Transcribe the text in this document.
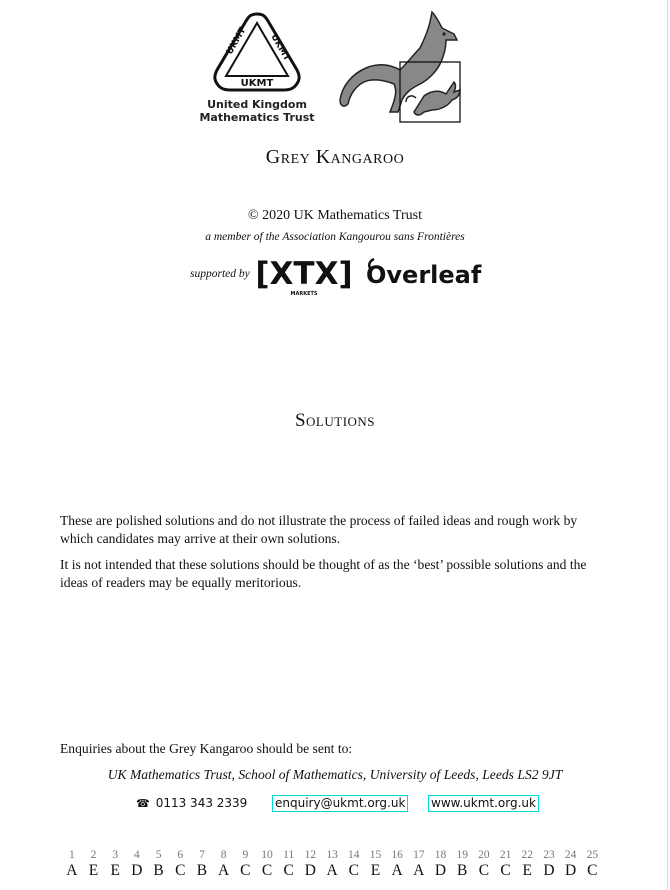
UKMT UKMT
UKMT
United Kingdom
Mathematics Trust
Grey Kangaroo
© 2020 UK Mathematics Trust
a member of the Association Kangourou sans Frontières
supported by [XTX]
MARKETS
Overleaf
Solutions
These are polished solutions and do not illustrate the process of failed ideas and rough work by which candidates may arrive at their own solutions.
It is not intended that these solutions should be thought of as the ‘best’ possible solutions and the ideas of readers may be equally meritorious.
Enquiries about the Grey Kangaroo should be sent to:
UK Mathematics Trust, School of Mathematics, University of Leeds, Leeds LS2 9JT
☎ 0113 343 2339 enquiry@ukmt.org.uk www.ukmt.org.uk
1
A
2
E
3
E
4
D
5
B
6
C
7
B
8
A
9
C
10
C
11
C
12
D
13
A
14
C
15
E
16
A
17
A
18
D
19
B
20
C
21
C
22
E
23
D
24
D
25
C
